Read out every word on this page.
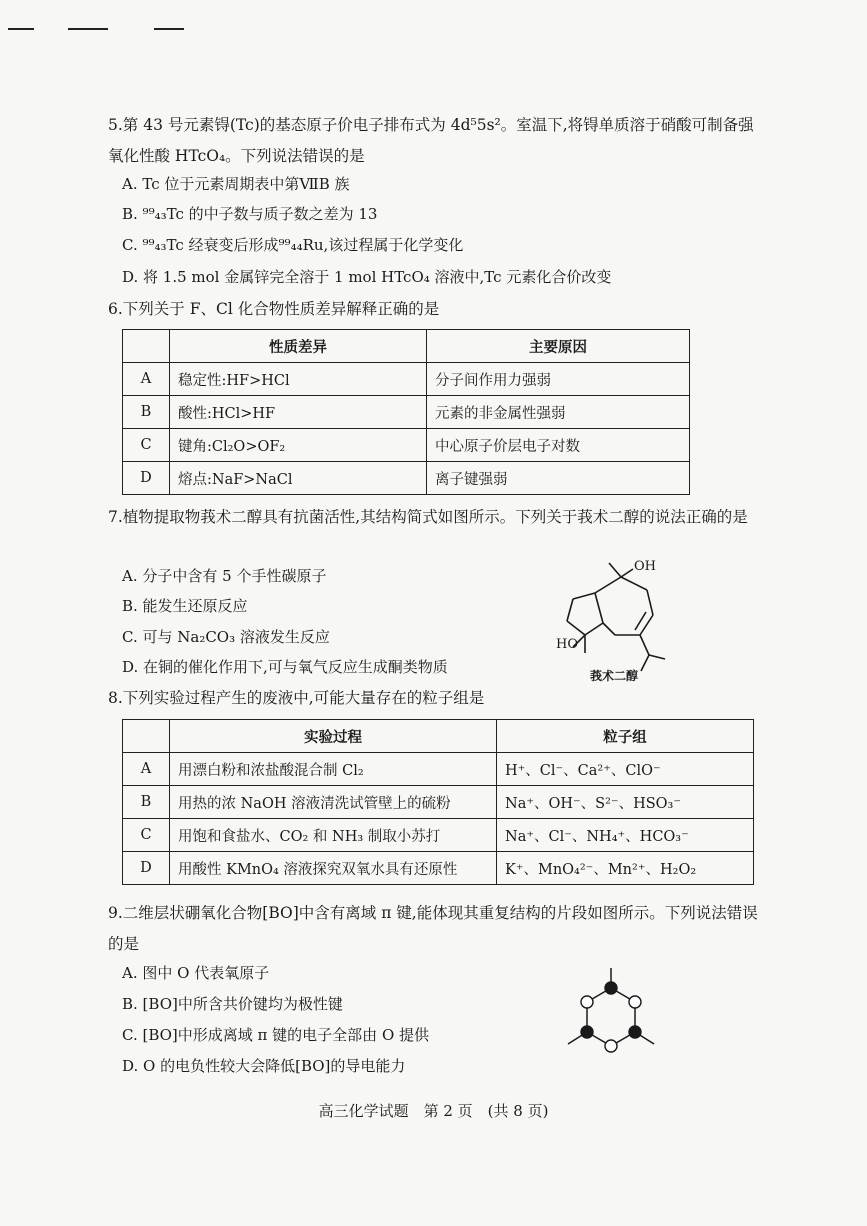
5.第 43 号元素锝(Tc)的基态原子价电子排布式为 4d⁵5s²。室温下,将锝单质溶于硝酸可制备强氧化性酸 HTcO₄。下列说法错误的是
A. Tc 位于元素周期表中第ⅦB 族
B. ⁹⁹₄₃Tc 的中子数与质子数之差为 13
C. ⁹⁹₄₃Tc 经衰变后形成⁹⁹₄₄Ru,该过程属于化学变化
D. 将 1.5 mol 金属锌完全溶于 1 mol HTcO₄ 溶液中,Tc 元素化合价改变
6.下列关于 F、Cl 化合物性质差异解释正确的是
	性质差异	主要原因
A	稳定性:HF>HCl	分子间作用力强弱
B	酸性:HCl>HF	元素的非金属性强弱
C	键角:Cl₂O>OF₂	中心原子价层电子对数
D	熔点:NaF>NaCl	离子键强弱
7.植物提取物莪术二醇具有抗菌活性,其结构简式如图所示。下列关于莪术二醇的说法正确的是
A. 分子中含有 5 个手性碳原子
B. 能发生还原反应
C. 可与 Na₂CO₃ 溶液发生反应
D. 在铜的催化作用下,可与氧气反应生成酮类物质
OH
HO
莪术二醇
8.下列实验过程产生的废液中,可能大量存在的粒子组是
	实验过程	粒子组
A	用漂白粉和浓盐酸混合制 Cl₂	H⁺、Cl⁻、Ca²⁺、ClO⁻
B	用热的浓 NaOH 溶液清洗试管壁上的硫粉	Na⁺、OH⁻、S²⁻、HSO₃⁻
C	用饱和食盐水、CO₂ 和 NH₃ 制取小苏打	Na⁺、Cl⁻、NH₄⁺、HCO₃⁻
D	用酸性 KMnO₄ 溶液探究双氧水具有还原性	K⁺、MnO₄²⁻、Mn²⁺、H₂O₂
9.二维层状硼氧化合物[BO]中含有离域 π 键,能体现其重复结构的片段如图所示。下列说法错误的是
A. 图中 O 代表氧原子
B. [BO]中所含共价键均为极性键
C. [BO]中形成离域 π 键的电子全部由 O 提供
D. O 的电负性较大会降低[BO]的导电能力
高三化学试题　第 2 页　(共 8 页)
